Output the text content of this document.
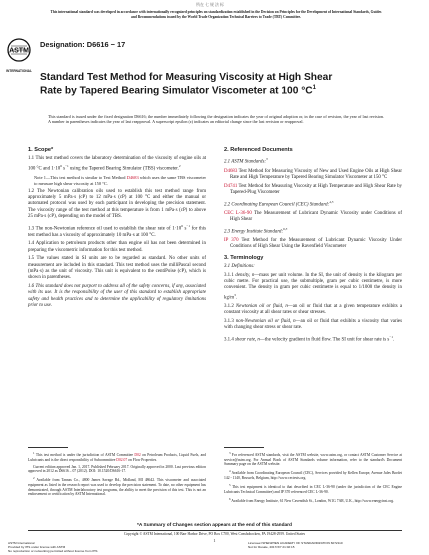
所在 七 规 法 标
This international standard was developed in accordance with internationally recognized principles on standardization established in the Decision on Principles for the Development of International Standards, Guides and Recommendations issued by the World Trade Organization Technical Barriers to Trade (TBT) Committee.
ASTM
INTERNATIONAL
Designation: D6616 − 17
Standard Test Method for Measuring Viscosity at High Shear Rate by Tapered Bearing Simulator Viscometer at 100 $^\circ C^1$
This standard is issued under the fixed designation D6616; the number immediately following the designation indicates the year of original adoption or, in the case of revision, the year of last revision. A number in parentheses indicates the year of last reapproval. A superscript epsilon (ε) indicates an editorial change since the last revision or reapproval.

1. Scope*

1.1 This test method covers the laboratory determination of the viscosity of engine oils at 100 °C and $1\cdot 10^6$ $s^{-1}$ using the Tapered Bearing Simulator (TBS) viscometer.$^2$

Note 1—This test method is similar to Test Method D4683 which uses the same TBS viscometer to measure high shear viscosity at 150 °C.

1.2 The Newtonian calibration oils used to establish this test method range from approximately 5 mPa·s (cP) to 12 mPa·s (cP) at 100 °C and either the manual or automated protocol was used by each participant in developing the precision statement. The viscosity range of the test method at this temperature is from 1 mPa·s (cP) to above 25 mPa·s (cP), depending on the model of TBS.

1.3 The non-Newtonian reference oil used to establish the shear rate of $1\cdot 10^6$ $s^{-1}$ for this test method has a viscosity of approximately 10 mPa·s at 100 °C.

1.4 Application to petroleum products other than engine oil has not been determined in preparing the viscometric information for this test method.

1.5 The values stated in SI units are to be regarded as standard. No other units of measurement are included in this standard. This test method uses the milliPascal second (mPa·s) as the unit of viscosity. This unit is equivalent to the centiPoise (cP), which is shown in parentheses.

1.6 This standard does not purport to address all of the safety concerns, if any, associated with its use. It is the responsibility of the user of this standard to establish appropriate safety and health practices and to determine the applicability of regulatory limitations prior to use.

2. Referenced Documents

2.1 ASTM Standards:$^3$

D4683 Test Method for Measuring Viscosity of New and Used Engine Oils at High Shear Rate and High Temperature by Tapered Bearing Simulator Viscometer at 150 °C

D4741 Test Method for Measuring Viscosity at High Temperature and High Shear Rate by Tapered-Plug Viscometer

2.2 Coordinating European Council (CEC) Standard:$^{4,5}$

CEC L-36-90 The Measurement of Lubricant Dynamic Viscosity under Conditions of High Shear

2.3 Energy Institute Standard:$^{6,5}$

IP 370 Test Method for the Measurement of Lubricant Dynamic Viscosity Under Conditions of High Shear Using the Ravenfield Viscometer

3. Terminology

3.1 Definitions:

3.1.1 density, n—mass per unit volume. In the SI, the unit of density is the kilogram per cubic metre. For practical use, the submultiple, gram per cubic centimetre, is more convenient. The density in gram per cubic centimetre is equal to 1/1000 the density in $kg/m^3$.

3.1.2 Newtonian oil or fluid, n—an oil or fluid that at a given temperature exhibits a constant viscosity at all shear rates or shear stresses.

3.1.3 non-Newtonian oil or fluid, n—an oil or fluid that exhibits a viscosity that varies with changing shear stress or shear rate.

3.1.4 shear rate, n—the velocity gradient in fluid flow. The SI unit for shear rate is $s^{-1}$.

$^1$ This test method is under the jurisdiction of ASTM Committee D02 on Petroleum Products, Liquid Fuels, and Lubricants and is the direct responsibility of Subcommittee D02.07 on Flow Properties.

Current edition approved Jan. 1, 2017. Published February 2017. Originally approved in 2000. Last previous edition approved in 2012 as D6616 – 07 (2012). DOI: 10.1520/D6616-17.

$^2$ Available from Tannas Co., 4800 James Savage Rd., Midland, MI 48642. This viscometer and associated equipment as listed in the research report was used to develop the precision statement. To date, no other equipment has demonstrated, through ASTM Interlaboratory test programs, the ability to meet the precision of this test. This is not an endorsement or certification by ASTM International.

$^3$ For referenced ASTM standards, visit the ASTM website, www.astm.org, or contact ASTM Customer Service at service@astm.org. For Annual Book of ASTM Standards volume information, refer to the standard's Document Summary page on the ASTM website.

$^4$ Available from Coordinating European Council (CEC), Services provided by Kellen Europe, Avenue Jules Bordet 142 - 1140, Brussels, Belgium, http://www.cectests.org.

$^5$ This test equipment is identical to that described in CEC L-36-90 (under the jurisdiction of the CEC Engine Lubricants Technical Committee) and IP 370 referenced CEC L-36-90.

$^6$ Available from Energy Institute, 61 New Cavendish St., London, W1G 7AR, U.K., http://www.energyinst.org.

*A Summary of Changes section appears at the end of this standard
Copyright © ASTM International, 100 Barr Harbor Drive, PO Box C700, West Conshohocken, PA 19428-2959. United States
1
ASTM International
Provided by IHS under license with ASTM
No reproduction or networking permitted without license from IHS
Licensee=SHENZHEN ACADEMY OF STANDARDIZATION 6072110
Not for Resale, 2017/3/7 21:02:15
